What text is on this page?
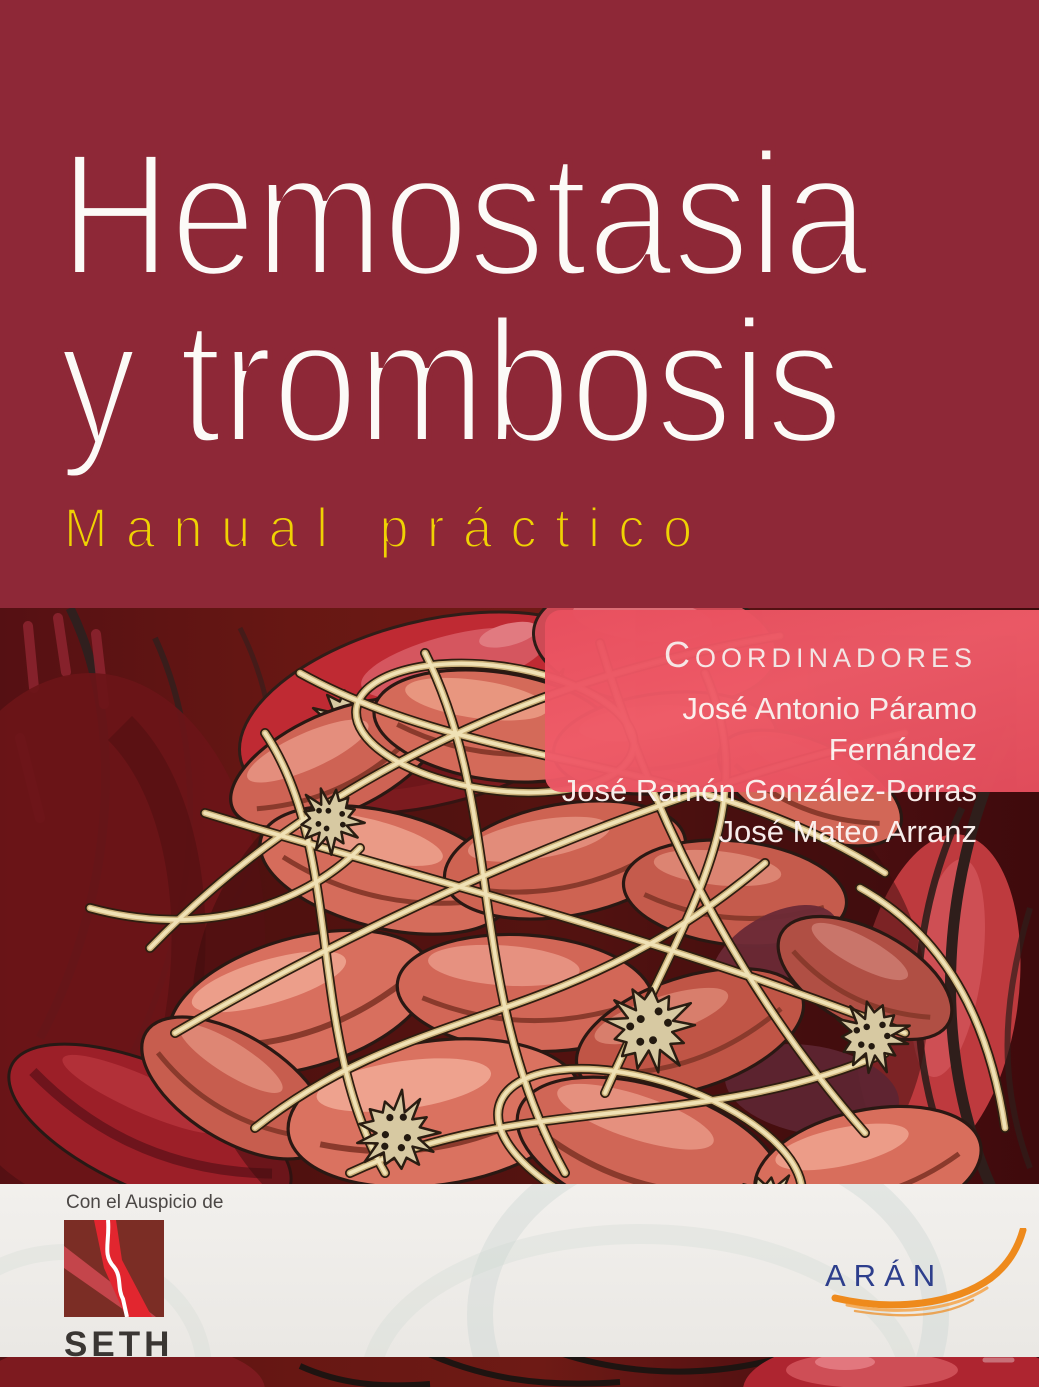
Hemostasia
y trombosis
Manual práctico
COORDINADORES
José Antonio Páramo Fernández
José Ramón González-Porras
José Mateo Arranz
Con el Auspicio de
SETH
ARÁN
